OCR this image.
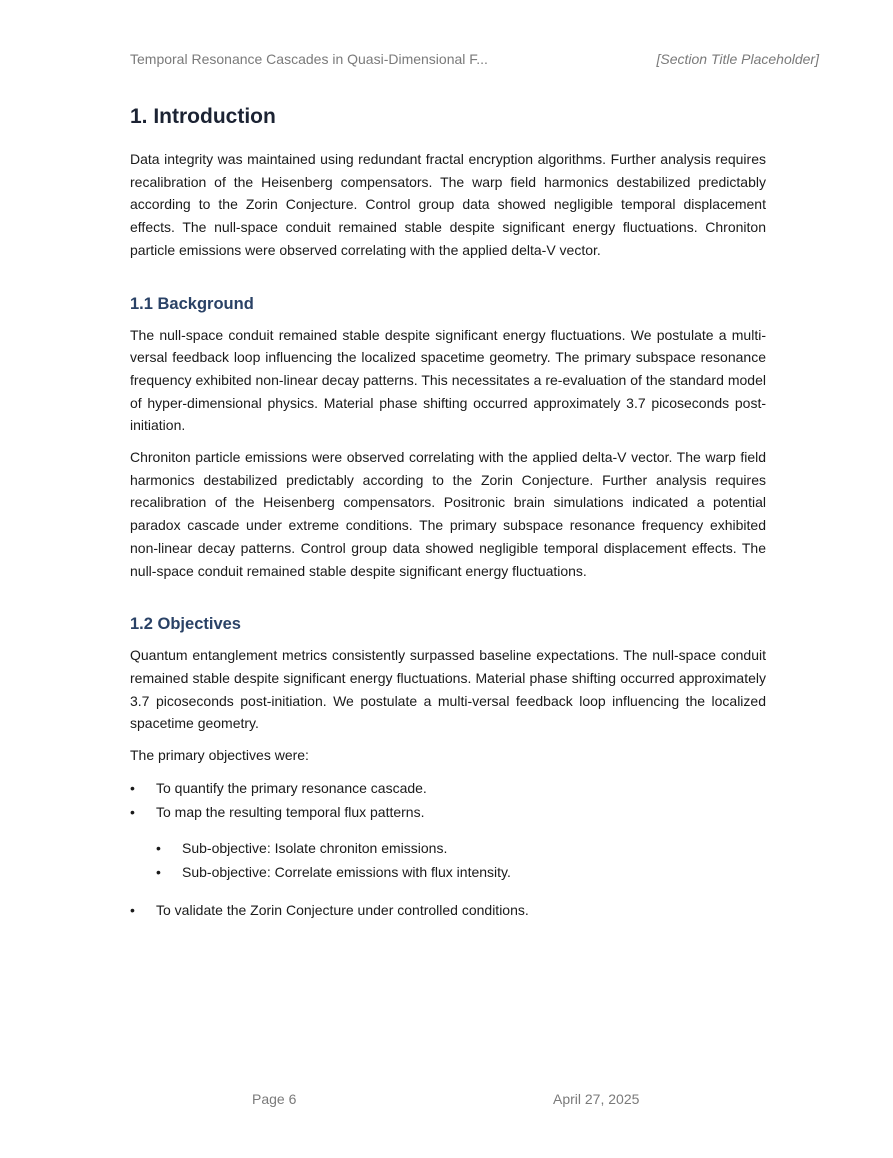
Temporal Resonance Cascades in Quasi-Dimensional F...	[Section Title Placeholder]
1. Introduction

Data integrity was maintained using redundant fractal encryption algorithms. Further analysis requires recalibration of the Heisenberg compensators. The warp field harmonics destabilized predictably according to the Zorin Conjecture. Control group data showed negligible temporal displacement effects. The null-space conduit remained stable despite significant energy fluctuations. Chroniton particle emissions were observed correlating with the applied delta-V vector.

1.1 Background

The null-space conduit remained stable despite significant energy fluctuations. We postulate a multi-versal feedback loop influencing the localized spacetime geometry. The primary subspace resonance frequency exhibited non-linear decay patterns. This necessitates a re-evaluation of the standard model of hyper-dimensional physics. Material phase shifting occurred approximately 3.7 picoseconds post-initiation.

Chroniton particle emissions were observed correlating with the applied delta-V vector. The warp field harmonics destabilized predictably according to the Zorin Conjecture. Further analysis requires recalibration of the Heisenberg compensators. Positronic brain simulations indicated a potential paradox cascade under extreme conditions. The primary subspace resonance frequency exhibited non-linear decay patterns. Control group data showed negligible temporal displacement effects. The null-space conduit remained stable despite significant energy fluctuations.

1.2 Objectives

Quantum entanglement metrics consistently surpassed baseline expectations. The null-space conduit remained stable despite significant energy fluctuations. Material phase shifting occurred approximately 3.7 picoseconds post-initiation. We postulate a multi-versal feedback loop influencing the localized spacetime geometry.

The primary objectives were:

• To quantify the primary resonance cascade.
• To map the resulting temporal flux patterns.
• Sub-objective: Isolate chroniton emissions.
• Sub-objective: Correlate emissions with flux intensity.
• To validate the Zorin Conjecture under controlled conditions.
Page 6	April 27, 2025
